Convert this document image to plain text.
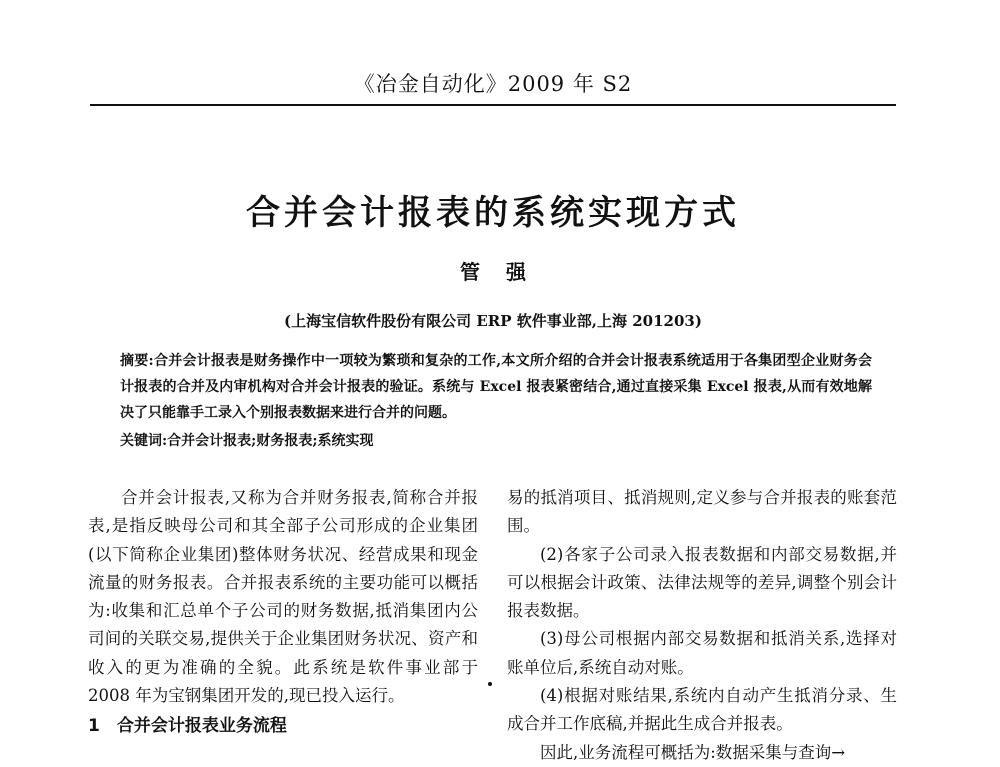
《冶金自动化》2009 年 S2
合并会计报表的系统实现方式
管强
(上海宝信软件股份有限公司 ERP 软件事业部,上海 201203)
摘要:合并会计报表是财务操作中一项较为繁琐和复杂的工作,本文所介绍的合并会计报表系统适用于各集团型企业财务会计报表的合并及内审机构对合并会计报表的验证。系统与 Excel 报表紧密结合,通过直接采集 Excel 报表,从而有效地解决了只能靠手工录入个别报表数据来进行合并的问题。
关键词:合并会计报表;财务报表;系统实现

合并会计报表,又称为合并财务报表,简称合并报表,是指反映母公司和其全部子公司形成的企业集团(以下简称企业集团)整体财务状况、经营成果和现金流量的财务报表。合并报表系统的主要功能可以概括为:收集和汇总单个子公司的财务数据,抵消集团内公司间的关联交易,提供关于企业集团财务状况、资产和收入的更为准确的全貌。此系统是软件事业部于 2008 年为宝钢集团开发的,现已投入运行。

1　合并会计报表业务流程

易的抵消项目、抵消规则,定义参与合并报表的账套范围。

(2)各家子公司录入报表数据和内部交易数据,并可以根据会计政策、法律法规等的差异,调整个别会计报表数据。

(3)母公司根据内部交易数据和抵消关系,选择对账单位后,系统自动对账。

(4)根据对账结果,系统内自动产生抵消分录、生成合并工作底稿,并据此生成合并报表。

因此,业务流程可概括为:数据采集与查询→
